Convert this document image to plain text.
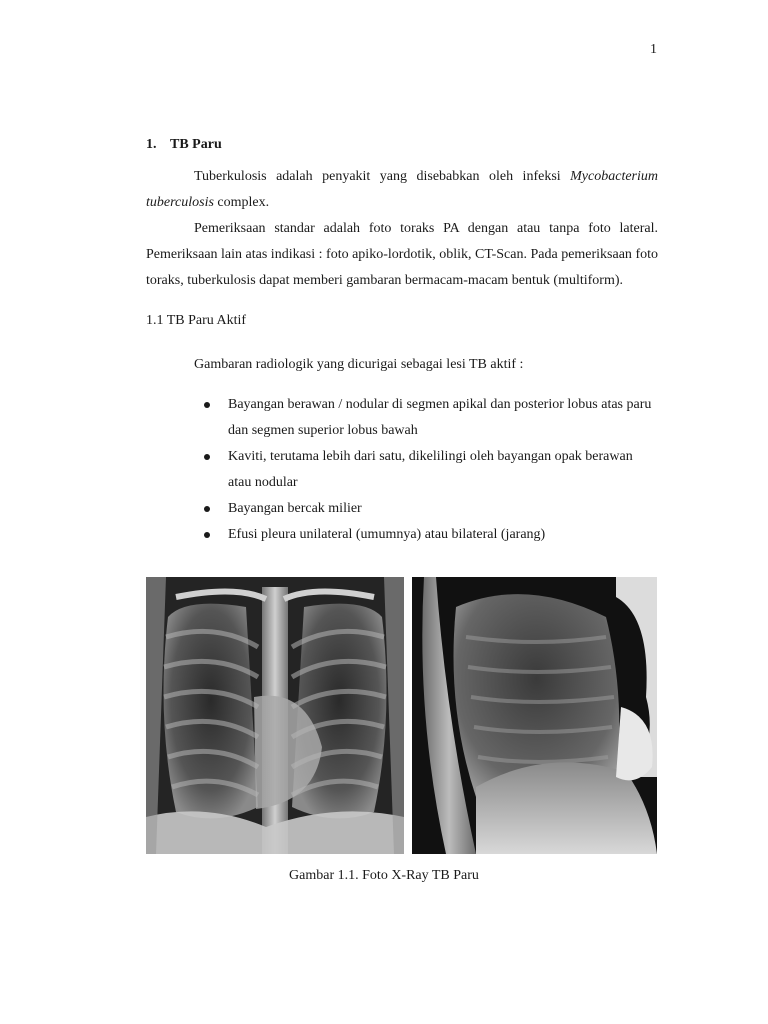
1
1. TB Paru

Tuberkulosis adalah penyakit yang disebabkan oleh infeksi Mycobacterium tuberculosis complex.

Pemeriksaan standar adalah foto toraks PA dengan atau tanpa foto lateral. Pemeriksaan lain atas indikasi : foto apiko-lordotik, oblik, CT-Scan. Pada pemeriksaan foto toraks, tuberkulosis dapat memberi gambaran bermacam-macam bentuk (multiform).

1.1 TB Paru Aktif
Gambaran radiologik yang dicurigai sebagai lesi TB aktif :
Bayangan berawan / nodular di segmen apikal dan posterior lobus atas paru dan segmen superior lobus bawah
Kaviti, terutama lebih dari satu, dikelilingi oleh bayangan opak berawan atau nodular
Bayangan bercak milier
Efusi pleura unilateral (umumnya) atau bilateral (jarang)
Gambar 1.1. Foto X-Ray TB Paru
